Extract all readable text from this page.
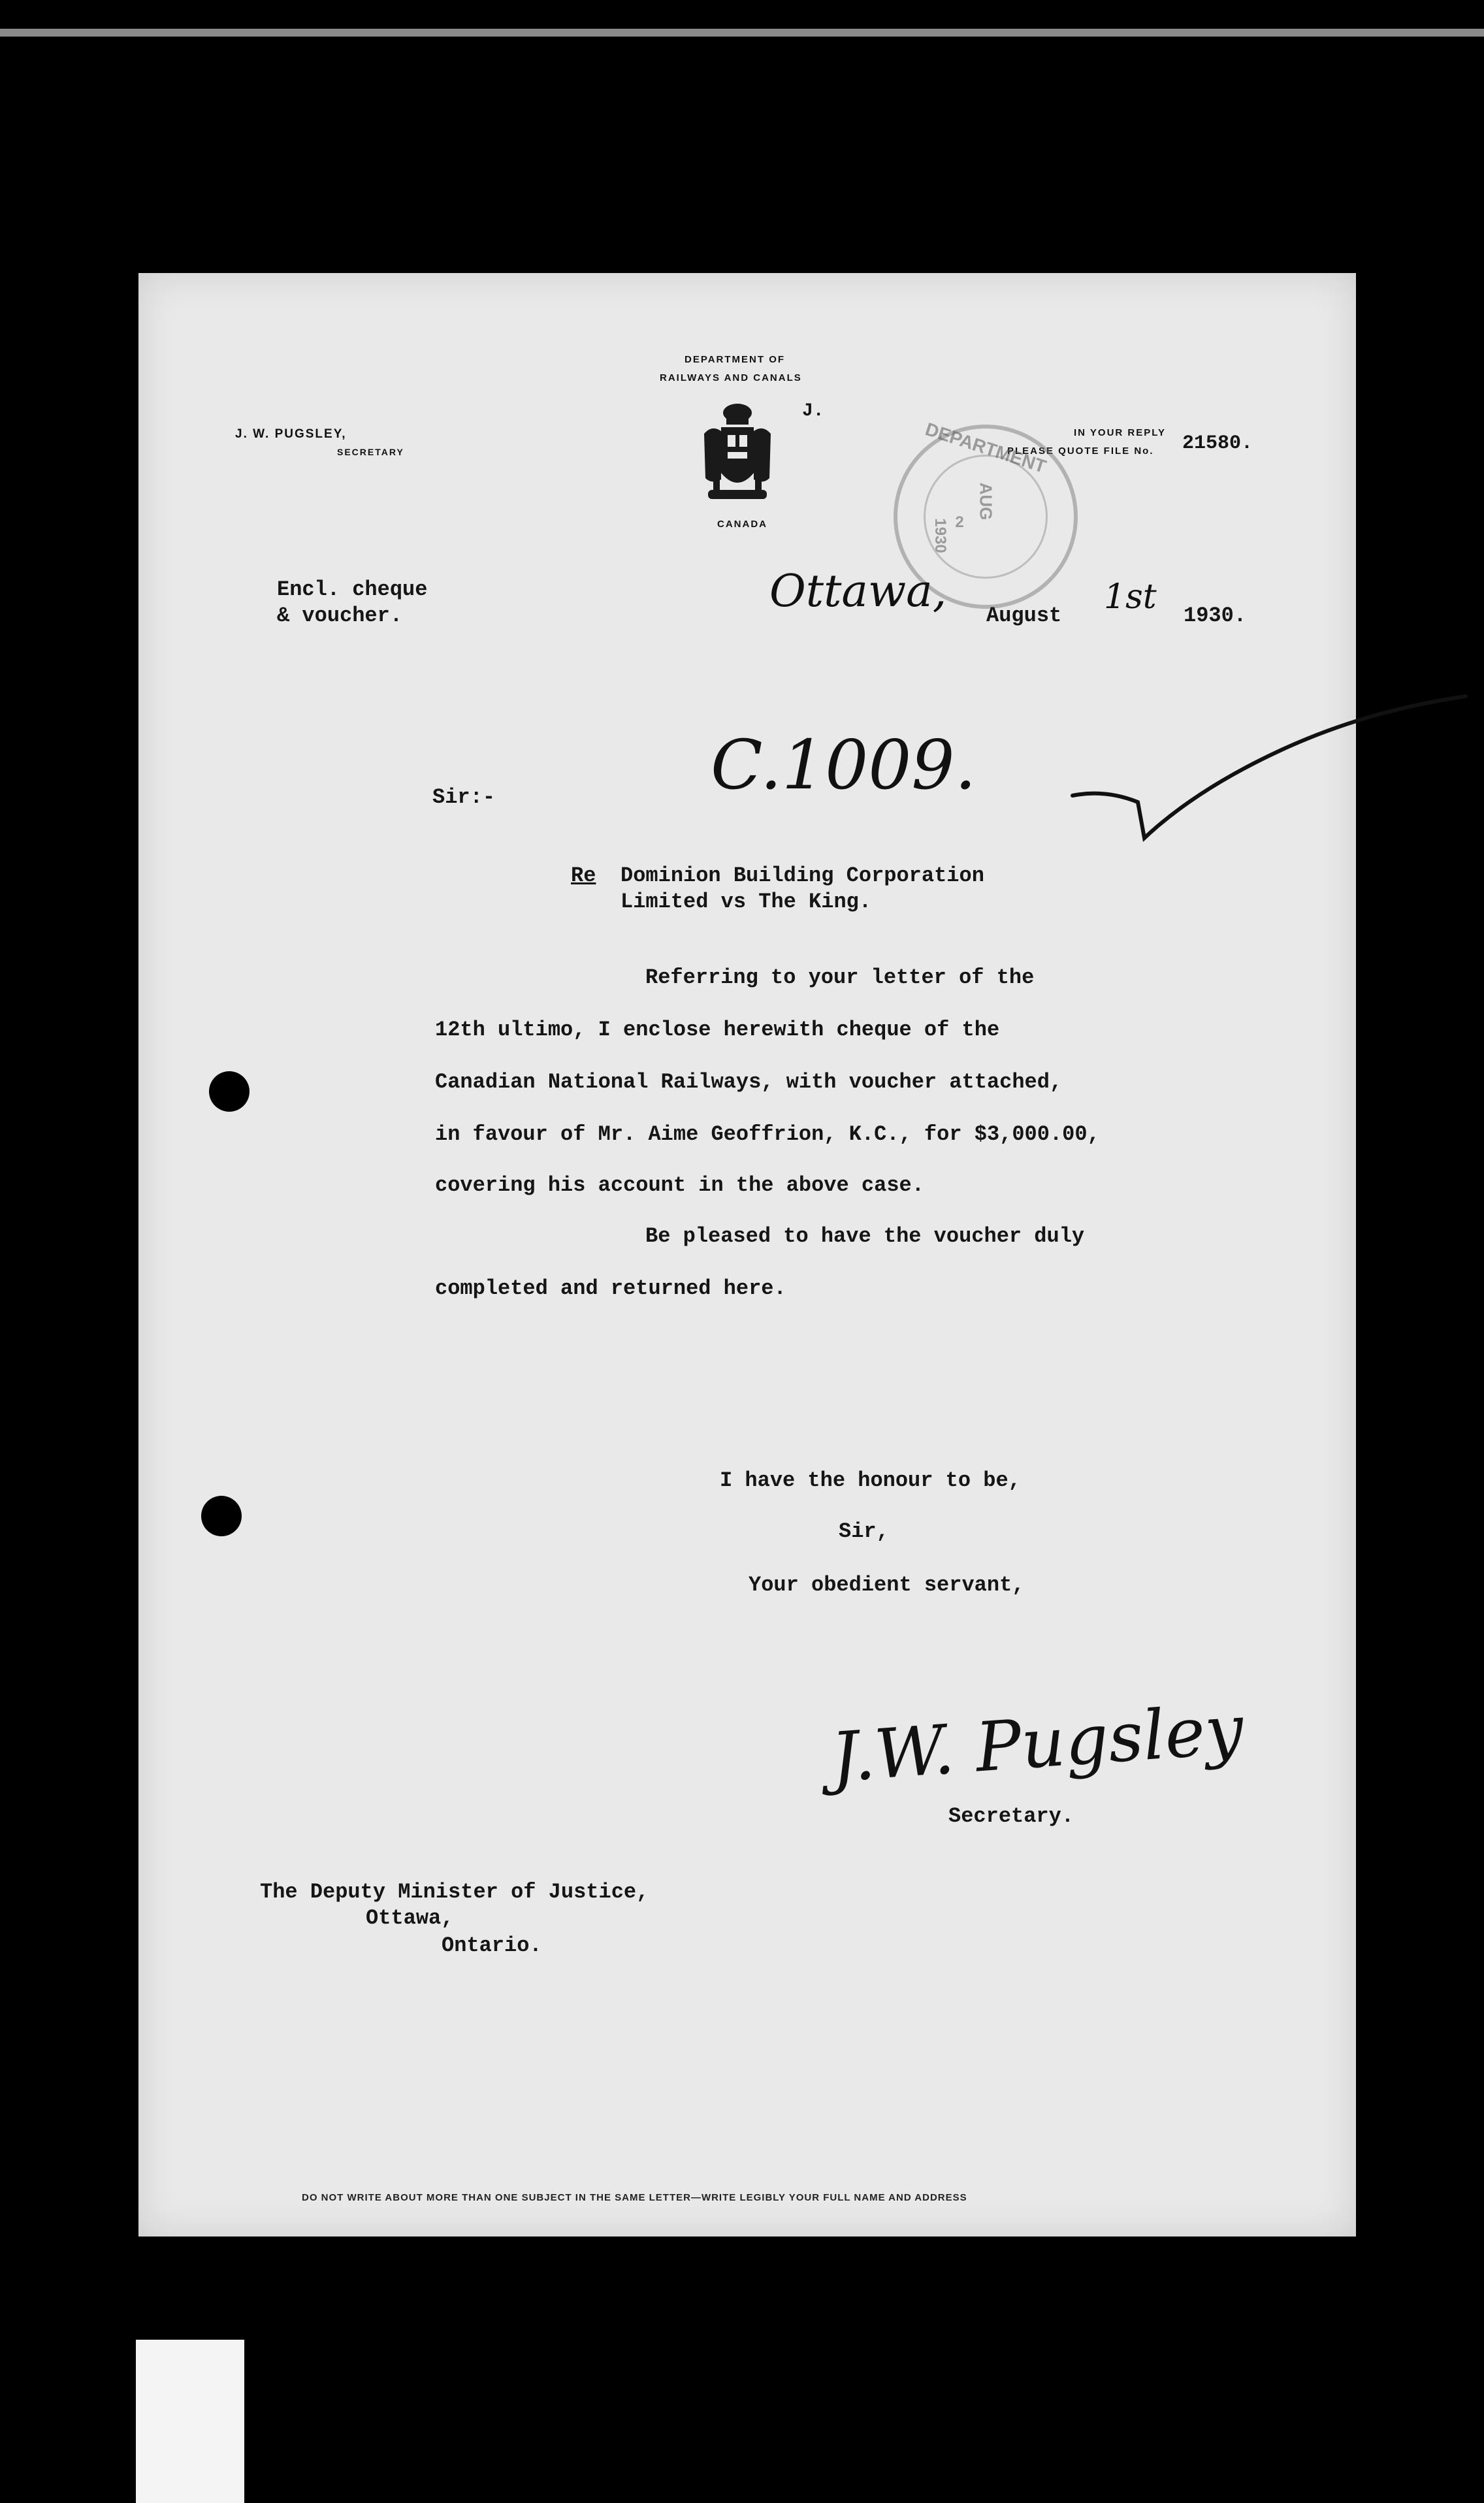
DEPARTMENT OF
RAILWAYS AND CANALS
CANADA
J. W. PUGSLEY,
SECRETARY
J.
IN YOUR REPLY
PLEASE QUOTE FILE No. 21580.
DEPARTMENT
AUG
2
1930
Encl. cheque
& voucher.	Ottawa, August 1st 1930.
C.1009.
Sir:-
Re Dominion Building Corporation
Limited vs The King.
Referring to your letter of the
12th ultimo, I enclose herewith cheque of the
Canadian National Railways, with voucher attached,
in favour of Mr. Aime Geoffrion, K.C., for $3,000.00,
covering his account in the above case.
Be pleased to have the voucher duly
completed and returned here.
I have the honour to be,
Sir,
Your obedient servant,
J.W. Pugsley
Secretary.
The Deputy Minister of Justice,
Ottawa,
Ontario.
DO NOT WRITE ABOUT MORE THAN ONE SUBJECT IN THE SAME LETTER—WRITE LEGIBLY YOUR FULL NAME AND ADDRESS
